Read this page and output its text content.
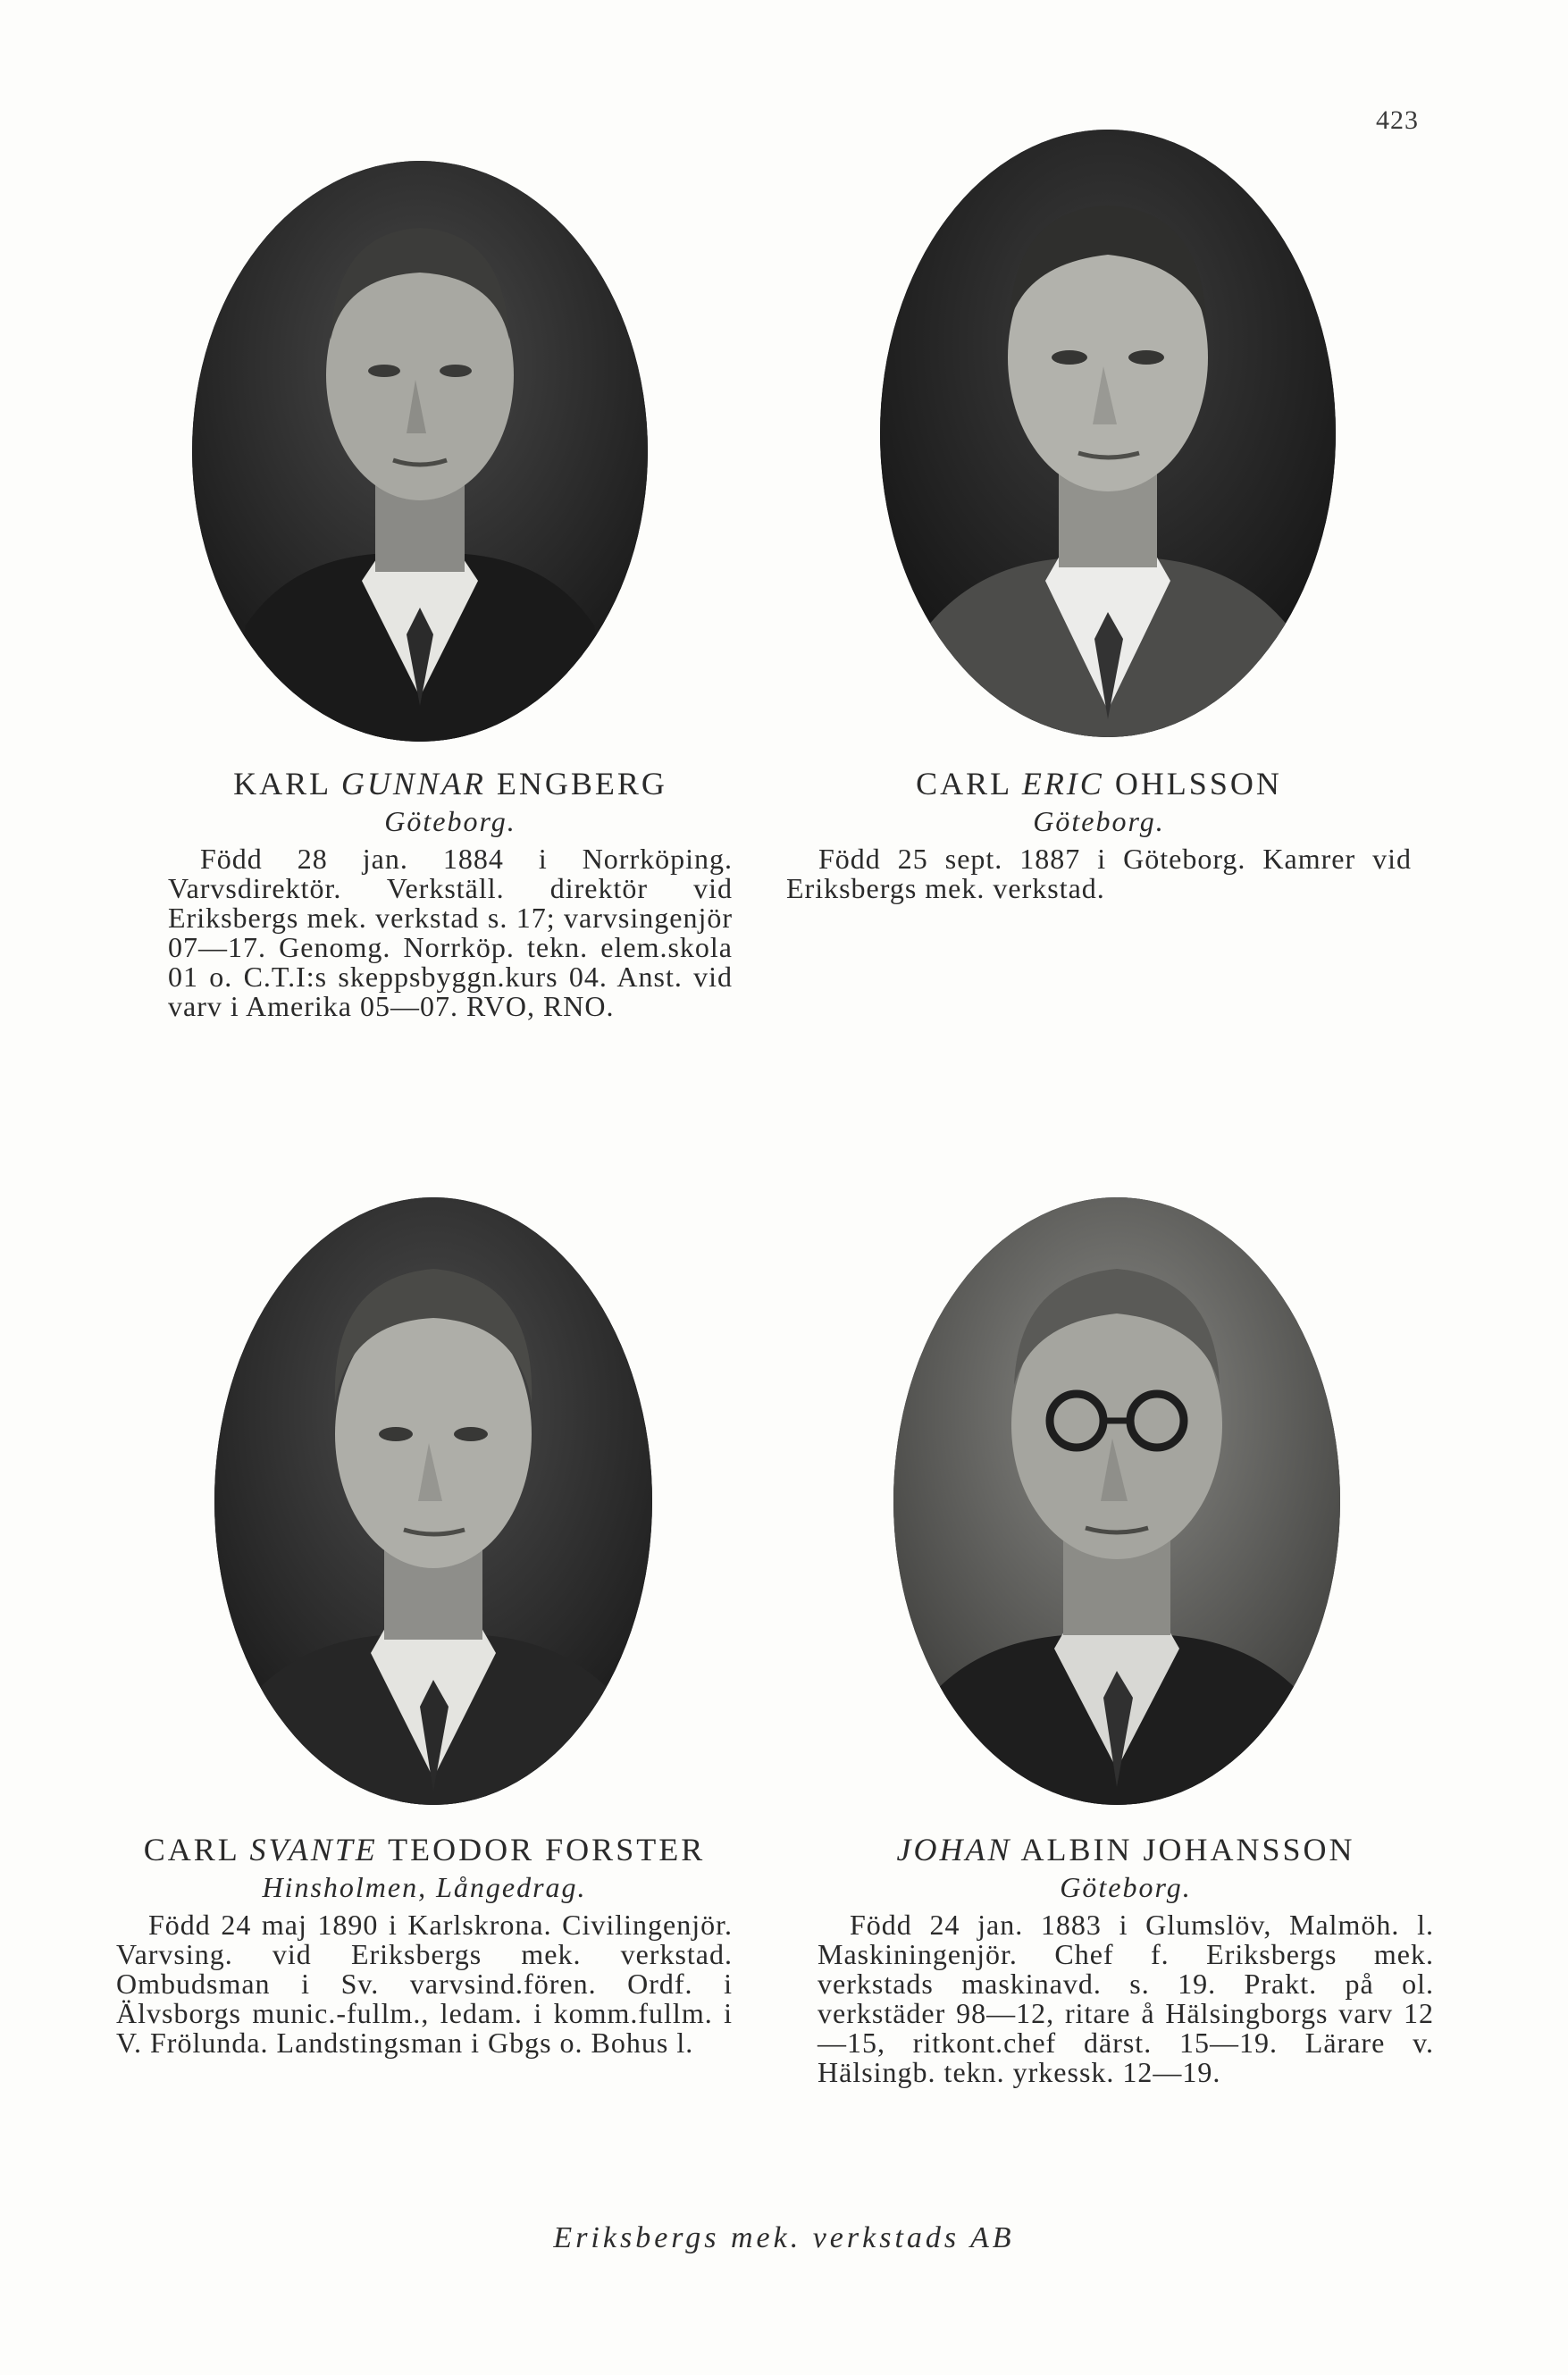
423

KARL GUNNAR ENGBERG

Göteborg.

Född 28 jan. 1884 i Norrköping. Varvsdirektör. Verkställ. direktör vid Eriksbergs mek. verkstad s. 17; varvsingenjör 07—17. Genomg. Norrköp. tekn. elem.skola 01 o. C.T.I:s skeppsbyggn.kurs 04. Anst. vid varv i Amerika 05—07. RVO, RNO.

CARL ERIC OHLSSON

Göteborg.

Född 25 sept. 1887 i Göteborg. Kamrer vid Eriksbergs mek. verkstad.

CARL SVANTE TEODOR FORSTER

Hinsholmen, Långedrag.

Född 24 maj 1890 i Karlskrona. Civilingenjör. Varvsing. vid Eriksbergs mek. verkstad. Ombudsman i Sv. varvsind.fören. Ordf. i Älvsborgs munic.-fullm., ledam. i komm.fullm. i V. Frölunda. Landstingsman i Gbgs o. Bohus l.

JOHAN ALBIN JOHANSSON

Göteborg.

Född 24 jan. 1883 i Glumslöv, Malmöh. l. Maskiningenjör. Chef f. Eriksbergs mek. verkstads maskinavd. s. 19. Prakt. på ol. verkstäder 98—12, ritare å Hälsingborgs varv 12—15, ritkont.chef därst. 15—19. Lärare v. Hälsingb. tekn. yrkessk. 12—19.

Eriksbergs mek. verkstads AB
